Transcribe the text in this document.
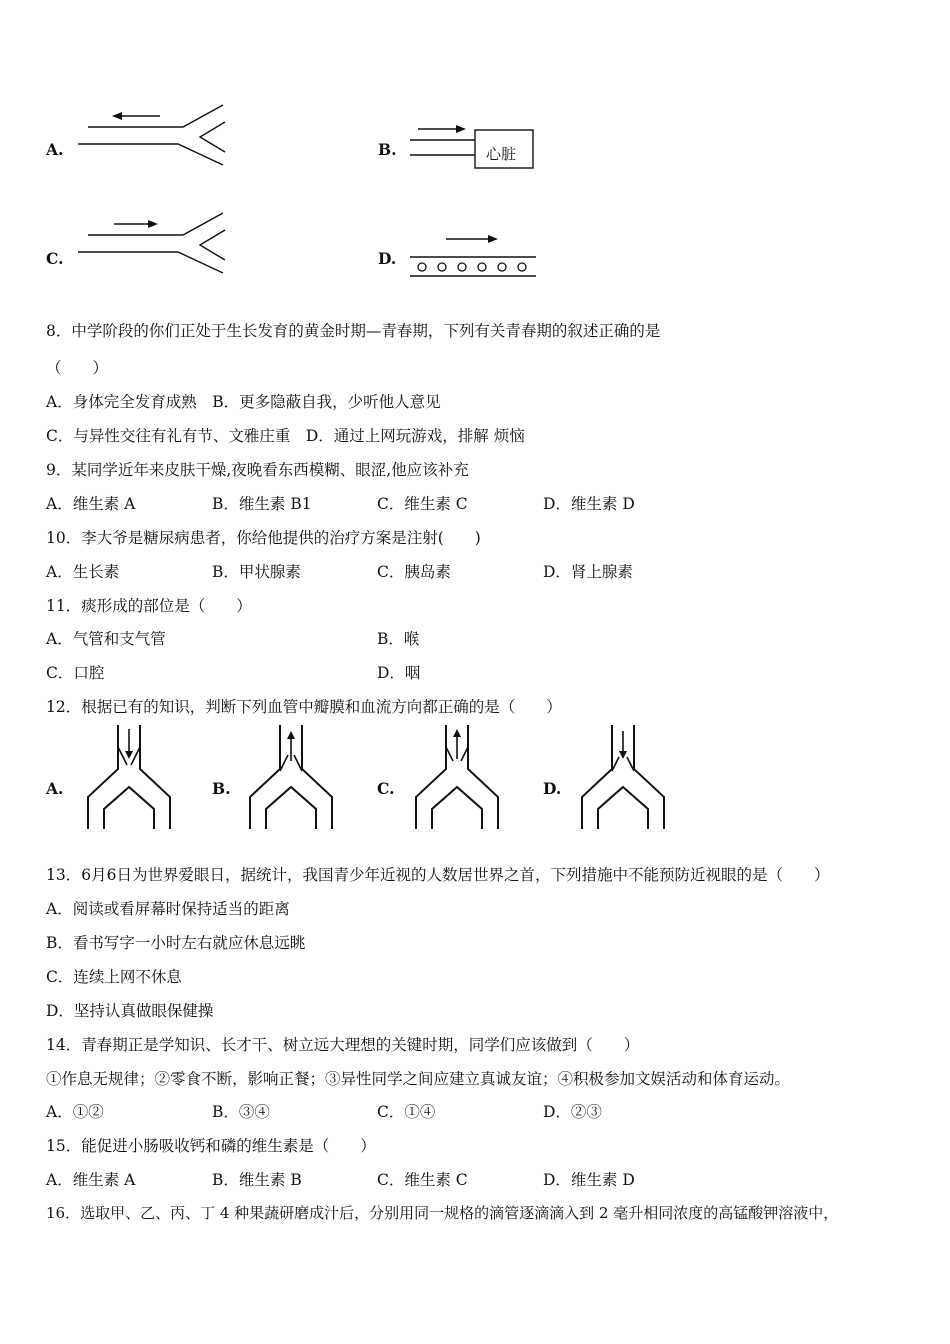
A.	B.	心脏
C.	D.
8．中学阶段的你们正处于生长发育的黄金时期—青春期，下列有关青春期的叙述正确的是
（　　）
A．身体完全发育成熟　B．更多隐蔽自我，少听他人意见
C．与异性交往有礼有节、文雅庄重　D．通过上网玩游戏，排解 烦恼
9．某同学近年来皮肤干燥,夜晚看东西模糊、眼涩,他应该补充
A．维生素 A	B．维生素 B1	C．维生素 C	D．维生素 D
10．李大爷是糖尿病患者，你给他提供的治疗方案是注射(　　)
A．生长素	B．甲状腺素	C．胰岛素	D．肾上腺素
11．痰形成的部位是（　　）
A．气管和支气管	B．喉
C．口腔	D．咽
12．根据已有的知识，判断下列血管中瓣膜和血流方向都正确的是（　　）
A.	B.	C.	D.
13．6月6日为世界爱眼日，据统计，我国青少年近视的人数居世界之首，下列措施中不能预防近视眼的是（　　）
A．阅读或看屏幕时保持适当的距离
B．看书写字一小时左右就应休息远眺
C．连续上网不休息
D．坚持认真做眼保健操
14．青春期正是学知识、长才干、树立远大理想的关键时期，同学们应该做到（　　）
①作息无规律；②零食不断，影响正餐；③异性同学之间应建立真诚友谊；④积极参加文娱活动和体育运动。
A．①②	B．③④	C．①④	D．②③
15．能促进小肠吸收钙和磷的维生素是（　　）
A．维生素 A	B．维生素 B	C．维生素 C	D．维生素 D
16．选取甲、乙、丙、丁 4 种果蔬研磨成汁后，分别用同一规格的滴管逐滴滴入到 2 毫升相同浓度的高锰酸钾溶液中，
